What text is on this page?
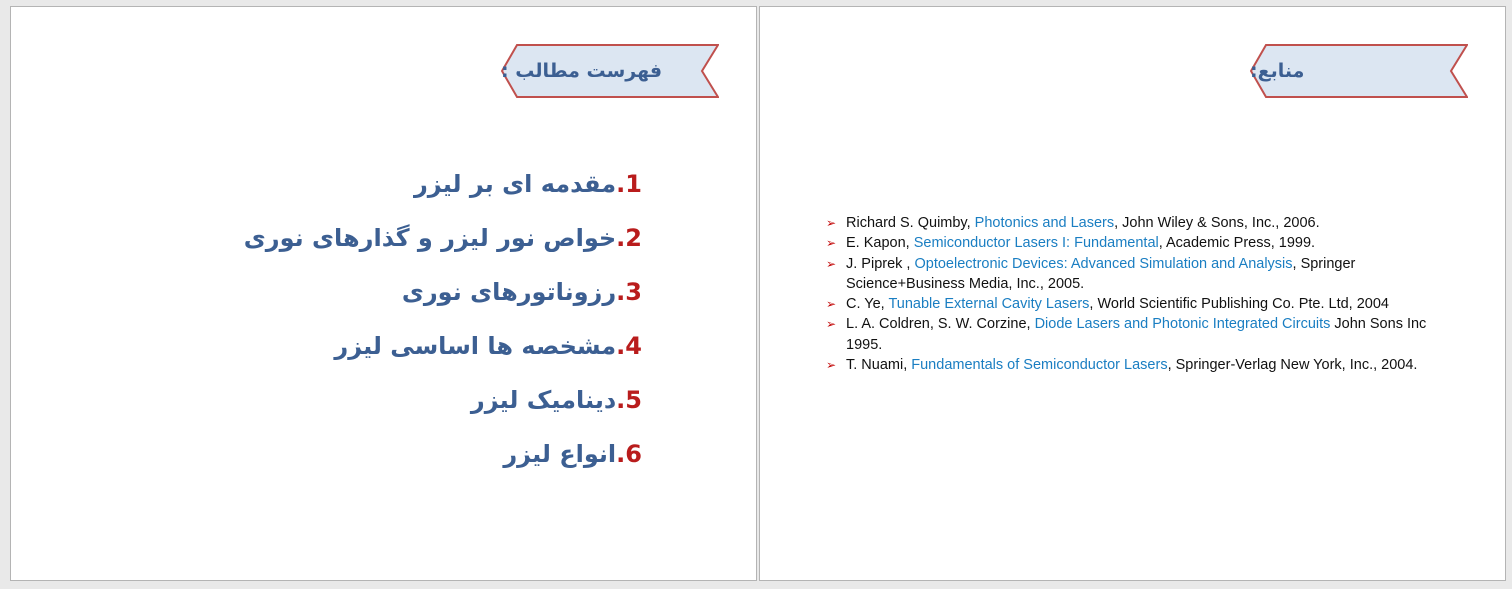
فهرست مطالب :
1.مقدمه ای بر لیزر
2.خواص نور لیزر و گذارهای نوری
3.رزوناتورهای نوری
4.مشخصه ها اساسی لیزر
5.دینامیک لیزر
6.انواع لیزر
منابع:
➢ Richard S. Quimby, Photonics and Lasers, John Wiley & Sons, Inc., 2006.
➢ E. Kapon, Semiconductor Lasers I: Fundamental, Academic Press, 1999.
➢ J. Piprek , Optoelectronic Devices: Advanced Simulation and Analysis, Springer Science+Business Media, Inc., 2005.
➢ C. Ye, Tunable External Cavity Lasers, World Scientific Publishing Co. Pte. Ltd, 2004
➢ L. A. Coldren, S. W. Corzine, Diode Lasers and Photonic Integrated Circuits John Sons Inc 1995.
➢ T. Nuami, Fundamentals of Semiconductor Lasers, Springer-Verlag New York, Inc., 2004.
